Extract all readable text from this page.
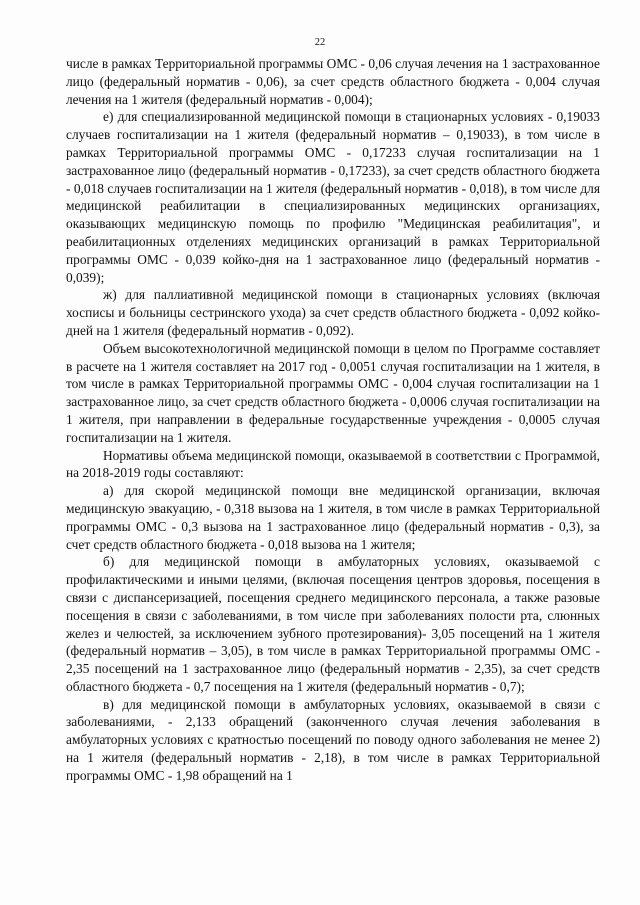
22

числе в рамках Территориальной программы ОМС - 0,06 случая лечения на 1 застрахованное лицо (федеральный норматив - 0,06), за счет средств областного бюджета - 0,004 случая лечения на 1 жителя (федеральный норматив - 0,004);

е) для специализированной медицинской помощи в стационарных условиях - 0,19033 случаев госпитализации на 1 жителя (федеральный норматив – 0,19033), в том числе в рамках Территориальной программы ОМС - 0,17233 случая госпитализации на 1 застрахованное лицо (федеральный норматив - 0,17233), за счет средств областного бюджета - 0,018 случаев госпитализации на 1 жителя (федеральный норматив - 0,018), в том числе для медицинской реабилитации в специализированных медицинских организациях, оказывающих медицинскую помощь по профилю "Медицинская реабилитация", и реабилитационных отделениях медицинских организаций в рамках Территориальной программы ОМС - 0,039 койко-дня на 1 застрахованное лицо (федеральный норматив - 0,039);

ж) для паллиативной медицинской помощи в стационарных условиях (включая хосписы и больницы сестринского ухода) за счет средств областного бюджета - 0,092 койко-дней на 1 жителя (федеральный норматив - 0,092).

Объем высокотехнологичной медицинской помощи в целом по Программе составляет в расчете на 1 жителя составляет на 2017 год - 0,0051 случая госпитализации на 1 жителя, в том числе в рамках Территориальной программы ОМС - 0,004 случая госпитализации на 1 застрахованное лицо, за счет средств областного бюджета - 0,0006 случая госпитализации на 1 жителя, при направлении в федеральные государственные учреждения - 0,0005 случая госпитализации на 1 жителя.

Нормативы объема медицинской помощи, оказываемой в соответствии с Программой, на 2018-2019 годы составляют:

а) для скорой медицинской помощи вне медицинской организации, включая медицинскую эвакуацию, - 0,318 вызова на 1 жителя, в том числе в рамках Территориальной программы ОМС - 0,3 вызова на 1 застрахованное лицо (федеральный норматив - 0,3), за счет средств областного бюджета - 0,018 вызова на 1 жителя;

б) для медицинской помощи в амбулаторных условиях, оказываемой с профилактическими и иными целями, (включая посещения центров здоровья, посещения в связи с диспансеризацией, посещения среднего медицинского персонала, а также разовые посещения в связи с заболеваниями, в том числе при заболеваниях полости рта, слюнных желез и челюстей, за исключением зубного протезирования)- 3,05 посещений на 1 жителя (федеральный норматив – 3,05), в том числе в рамках Территориальной программы ОМС - 2,35 посещений на 1 застрахованное лицо (федеральный норматив - 2,35), за счет средств областного бюджета - 0,7 посещения на 1 жителя (федеральный норматив - 0,7);

в) для медицинской помощи в амбулаторных условиях, оказываемой в связи с заболеваниями, - 2,133 обращений (законченного случая лечения заболевания в амбулаторных условиях с кратностью посещений по поводу одного заболевания не менее 2) на 1 жителя (федеральный норматив - 2,18), в том числе в рамках Территориальной программы ОМС - 1,98 обращений на 1
